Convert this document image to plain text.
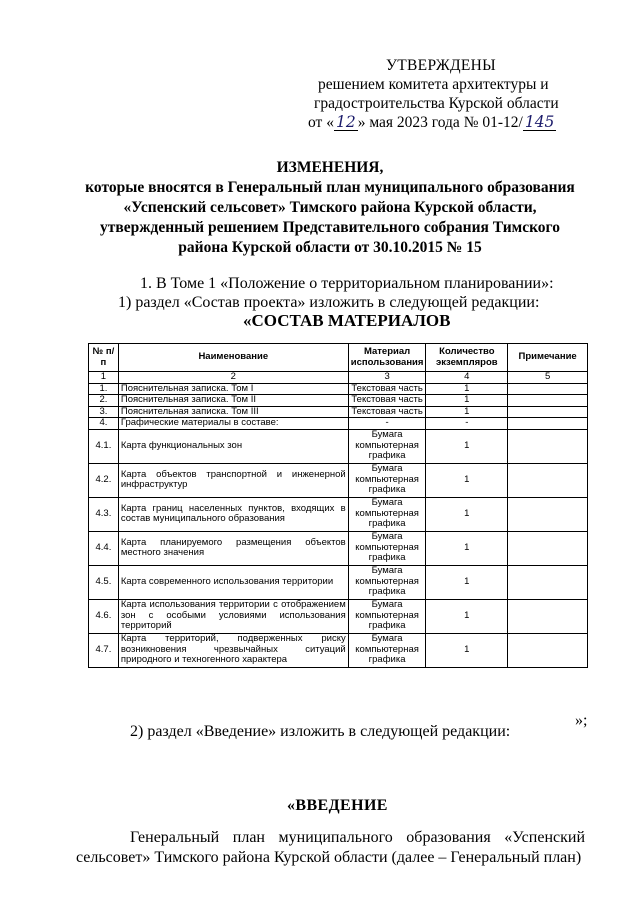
УТВЕРЖДЕНЫ
решением комитета архитектуры и
градостроительства Курской области
от « 12 » мая 2023 года № 01-12/ 145
ИЗМЕНЕНИЯ,
которые вносятся в Генеральный план муниципального образования
«Успенский сельсовет» Тимского района Курской области,
утвержденный решением Представительного собрания Тимского
района Курской области от 30.10.2015 № 15
1. В Томе 1 «Положение о территориальном планировании»:
1) раздел «Состав проекта» изложить в следующей редакции:
«СОСТАВ МАТЕРИАЛОВ
№ п/п	Наименование	Материал использования	Количество экземпляров	Примечание
1	2	3	4	5
1.	Пояснительная записка. Том I	Текстовая часть	1	
2.	Пояснительная записка. Том II	Текстовая часть	1	
3.	Пояснительная записка. Том III	Текстовая часть	1	
4.	Графические материалы в составе:	-	-	
4.1.	Карта функциональных зон	Бумага компьютерная графика	1	
4.2.	Карта объектов транспортной и инженерной инфраструктур	Бумага компьютерная графика	1	
4.3.	Карта границ населенных пунктов, входящих в состав муниципального образования	Бумага компьютерная графика	1	
4.4.	Карта планируемого размещения объектов местного значения	Бумага компьютерная графика	1	
4.5.	Карта современного использования территории	Бумага компьютерная графика	1	
4.6.	Карта использования территории с отображением зон с особыми условиями использования территорий	Бумага компьютерная графика	1	
4.7.	Карта территорий, подверженных риску возникновения чрезвычайных ситуаций природного и техногенного характера	Бумага компьютерная графика	1	
»;
2) раздел «Введение» изложить в следующей редакции:
«ВВЕДЕНИЕ
Генеральный план муниципального образования «Успенский
сельсовет» Тимского района Курской области (далее – Генеральный план)
